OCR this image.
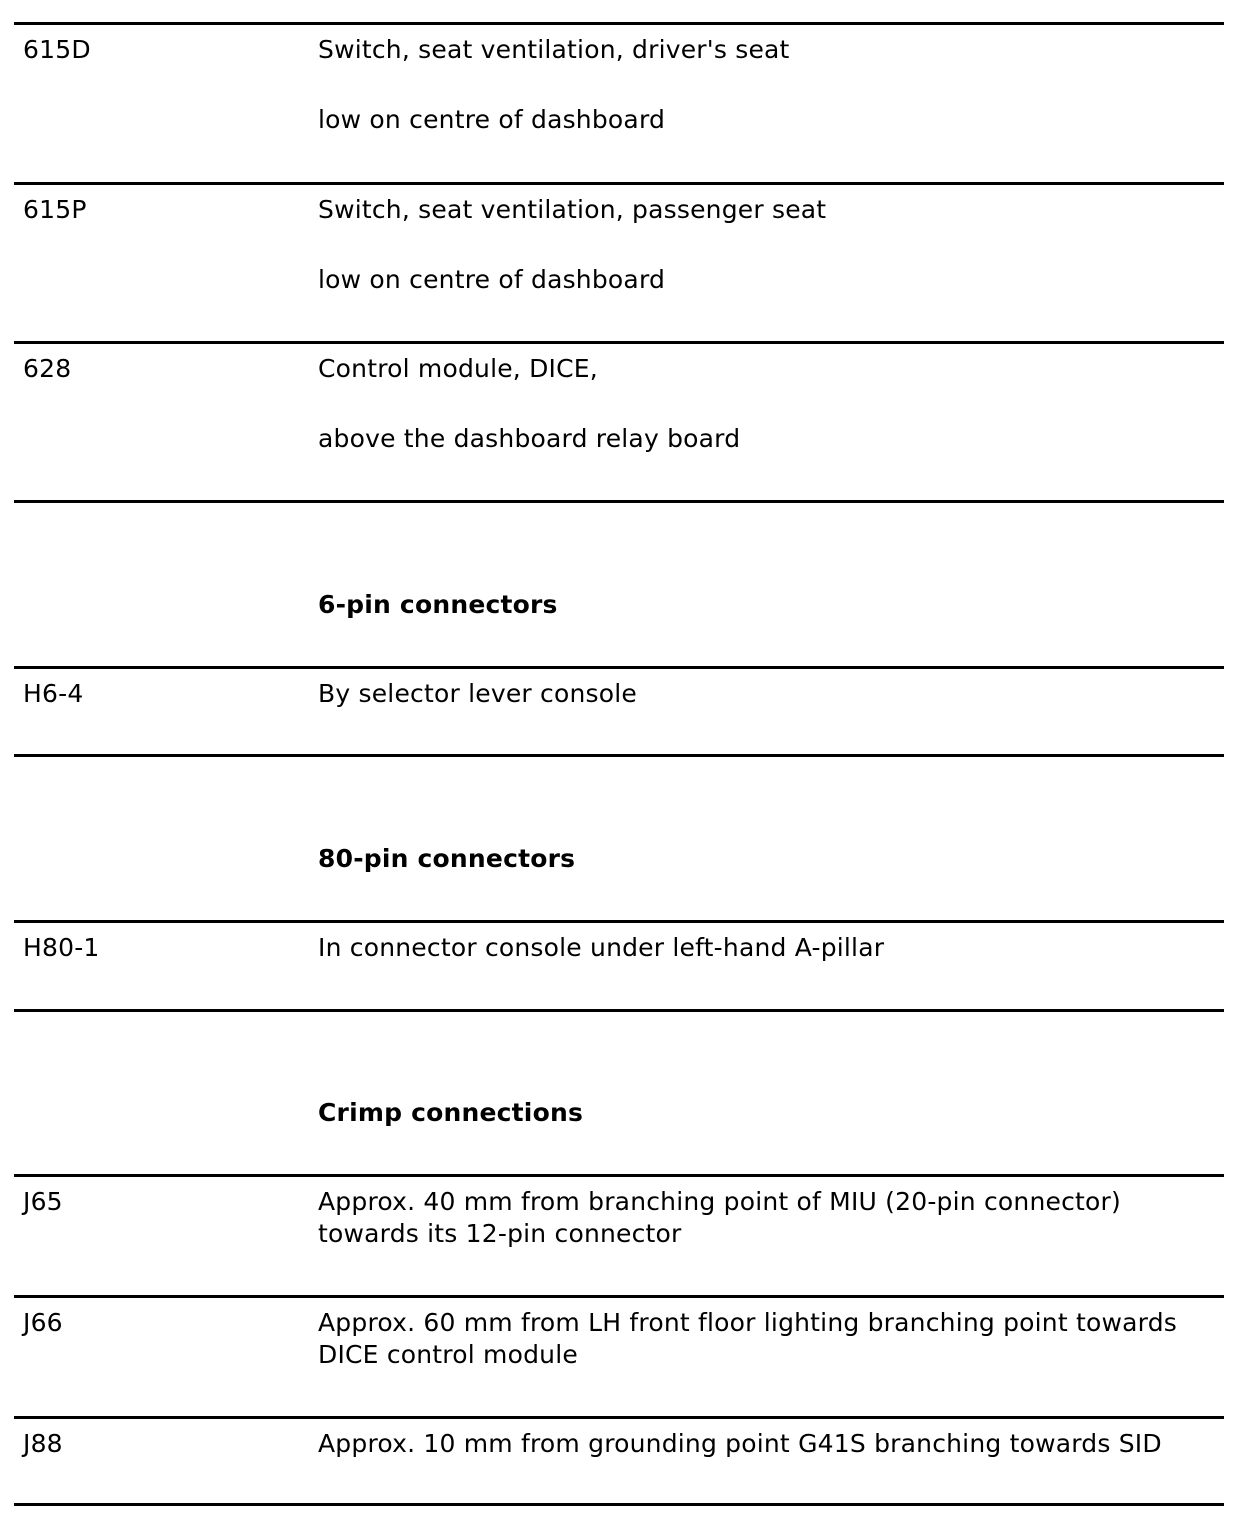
615D	Switch, seat ventilation, driver's seat
low on centre of dashboard
615P	Switch, seat ventilation, passenger seat
low on centre of dashboard
628	Control module, DICE,
above the dashboard relay board
6-pin connectors
H6-4	By selector lever console
80-pin connectors
H80-1	In connector console under left-hand A-pillar
Crimp connections
J65	Approx. 40 mm from branching point of MIU (20-pin connector)
towards its 12-pin connector
J66	Approx. 60 mm from LH front floor lighting branching point towards
DICE control module
J88	Approx. 10 mm from grounding point G41S branching towards SID
